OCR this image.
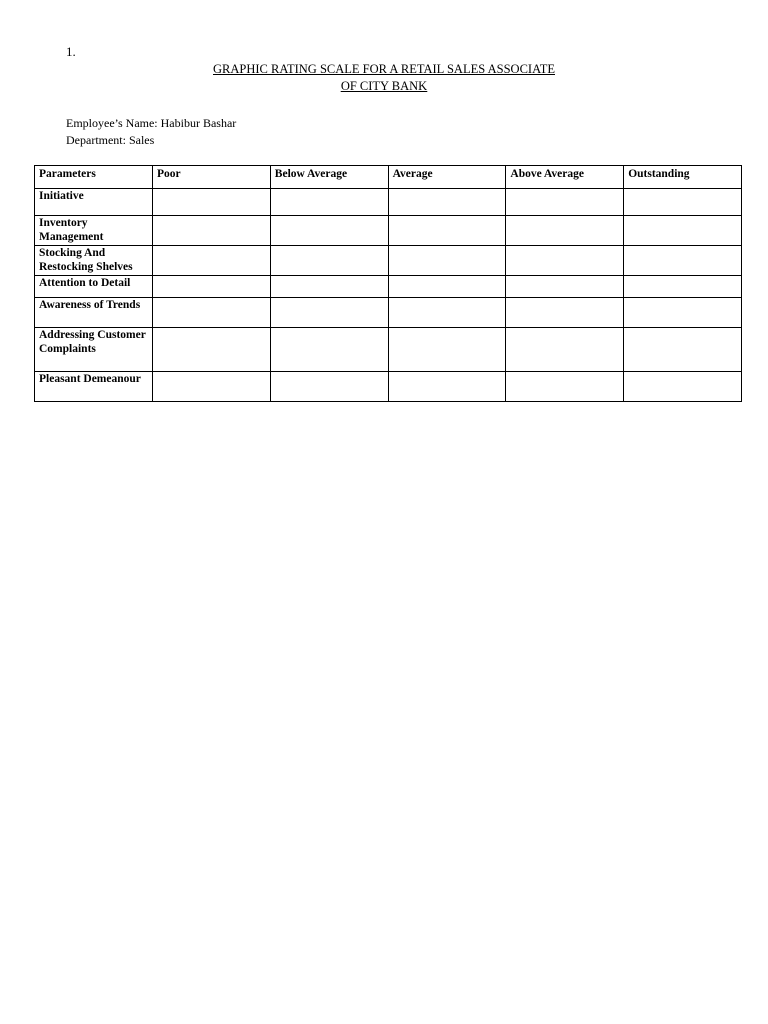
1.
GRAPHIC RATING SCALE FOR A RETAIL SALES ASSOCIATE
OF CITY BANK
Employee’s Name: Habibur Bashar
Department: Sales
Parameters	Poor	Below Average	Average	Above Average	Outstanding
Initiative					
Inventory Management					
Stocking And Restocking Shelves					
Attention to Detail					
Awareness of Trends					
Addressing Customer Complaints					
Pleasant Demeanour					
